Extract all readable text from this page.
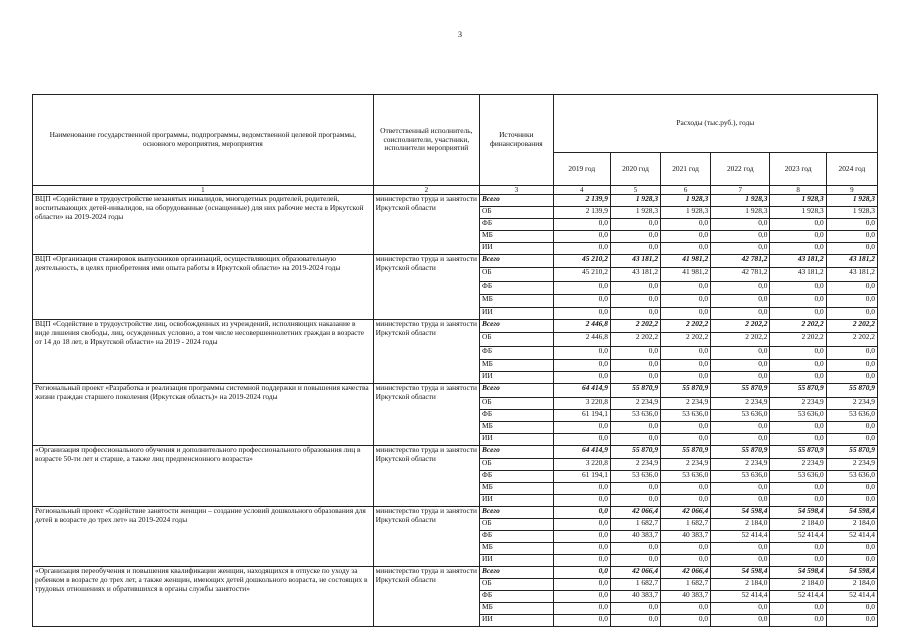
3
Наименование государственной программы, подпрограммы, ведомственной целевой программы, основного мероприятия, мероприятия	Ответственный исполнитель, соисполнители, участники, исполнители мероприятий	Источники финансирования	Расходы (тыс.руб.), годы					
			2019 год	2020 год	2021 год	2022 год	2023 год	2024 год
1	2	3	4	5	6	7	8	9
ВЦП «Содействие в трудоустройстве незанятых инвалидов, многодетных родителей, родителей, воспитывающих детей-инвалидов, на оборудованные (оснащенные) для них рабочие места в Иркутской области» на 2019-2024 годы	министерство труда и занятости Иркутской области	Всего	2 139,9	1 928,3	1 928,3	1 928,3	1 928,3	1 928,3
		ОБ	2 139,9	1 928,3	1 928,3	1 928,3	1 928,3	1 928,3
		ФБ	0,0	0,0	0,0	0,0	0,0	0,0
		МБ	0,0	0,0	0,0	0,0	0,0	0,0
		ИИ	0,0	0,0	0,0	0,0	0,0	0,0
ВЦП «Организация стажировок выпускников организаций, осуществляющих образовательную деятельность, в целях приобретения ими опыта работы в Иркутской области» на 2019-2024 годы	министерство труда и занятости Иркутской области	Всего	45 210,2	43 181,2	41 981,2	42 781,2	43 181,2	43 181,2
		ОБ	45 210,2	43 181,2	41 981,2	42 781,2	43 181,2	43 181,2
		ФБ	0,0	0,0	0,0	0,0	0,0	0,0
		МБ	0,0	0,0	0,0	0,0	0,0	0,0
		ИИ	0,0	0,0	0,0	0,0	0,0	0,0
ВЦП «Содействие в трудоустройстве лиц, освобожденных из учреждений, исполняющих наказание в виде лишения свободы, лиц, осужденных условно, а том числе несовершеннолетних граждан в возрасте от 14 до 18 лет, в Иркутской области» на 2019 - 2024 годы	министерство труда и занятости Иркутской области	Всего	2 446,8	2 202,2	2 202,2	2 202,2	2 202,2	2 202,2
		ОБ	2 446,8	2 202,2	2 202,2	2 202,2	2 202,2	2 202,2
		ФБ	0,0	0,0	0,0	0,0	0,0	0,0
		МБ	0,0	0,0	0,0	0,0	0,0	0,0
		ИИ	0,0	0,0	0,0	0,0	0,0	0,0
Региональный проект «Разработка и реализация программы системной поддержки и повышения качества жизни граждан старшего поколения (Иркутская область)» на 2019-2024 годы	министерство труда и занятости Иркутской области	Всего	64 414,9	55 870,9	55 870,9	55 870,9	55 870,9	55 870,9
		ОБ	3 220,8	2 234,9	2 234,9	2 234,9	2 234,9	2 234,9
		ФБ	61 194,1	53 636,0	53 636,0	53 636,0	53 636,0	53 636,0
		МБ	0,0	0,0	0,0	0,0	0,0	0,0
		ИИ	0,0	0,0	0,0	0,0	0,0	0,0
«Организация профессионального обучения и дополнительного профессионального образования лиц в возрасте 50-ти лет и старше, а также лиц предпенсионного возраста»	министерство труда и занятости Иркутской области	Всего	64 414,9	55 870,9	55 870,9	55 870,9	55 870,9	55 870,9
		ОБ	3 220,8	2 234,9	2 234,9	2 234,9	2 234,9	2 234,9
		ФБ	61 194,1	53 636,0	53 636,0	53 636,0	53 636,0	53 636,0
		МБ	0,0	0,0	0,0	0,0	0,0	0,0
		ИИ	0,0	0,0	0,0	0,0	0,0	0,0
Региональный проект «Содействие занятости женщин – создание условий дошкольного образования для детей в возрасте до трех лет» на 2019-2024 годы	министерство труда и занятости Иркутской области	Всего	0,0	42 066,4	42 066,4	54 598,4	54 598,4	54 598,4
		ОБ	0,0	1 682,7	1 682,7	2 184,0	2 184,0	2 184,0
		ФБ	0,0	40 383,7	40 383,7	52 414,4	52 414,4	52 414,4
		МБ	0,0	0,0	0,0	0,0	0,0	0,0
		ИИ	0,0	0,0	0,0	0,0	0,0	0,0
«Организация переобучения и повышения квалификации женщин, находящихся в отпуске по уходу за ребенком в возрасте до трех лет, а также женщин, имеющих детей дошкольного возраста, не состоящих в трудовых отношениях и обратившихся в органы службы занятости»	министерство труда и занятости Иркутской области	Всего	0,0	42 066,4	42 066,4	54 598,4	54 598,4	54 598,4
		ОБ	0,0	1 682,7	1 682,7	2 184,0	2 184,0	2 184,0
		ФБ	0,0	40 383,7	40 383,7	52 414,4	52 414,4	52 414,4
		МБ	0,0	0,0	0,0	0,0	0,0	0,0
		ИИ	0,0	0,0	0,0	0,0	0,0	0,0
